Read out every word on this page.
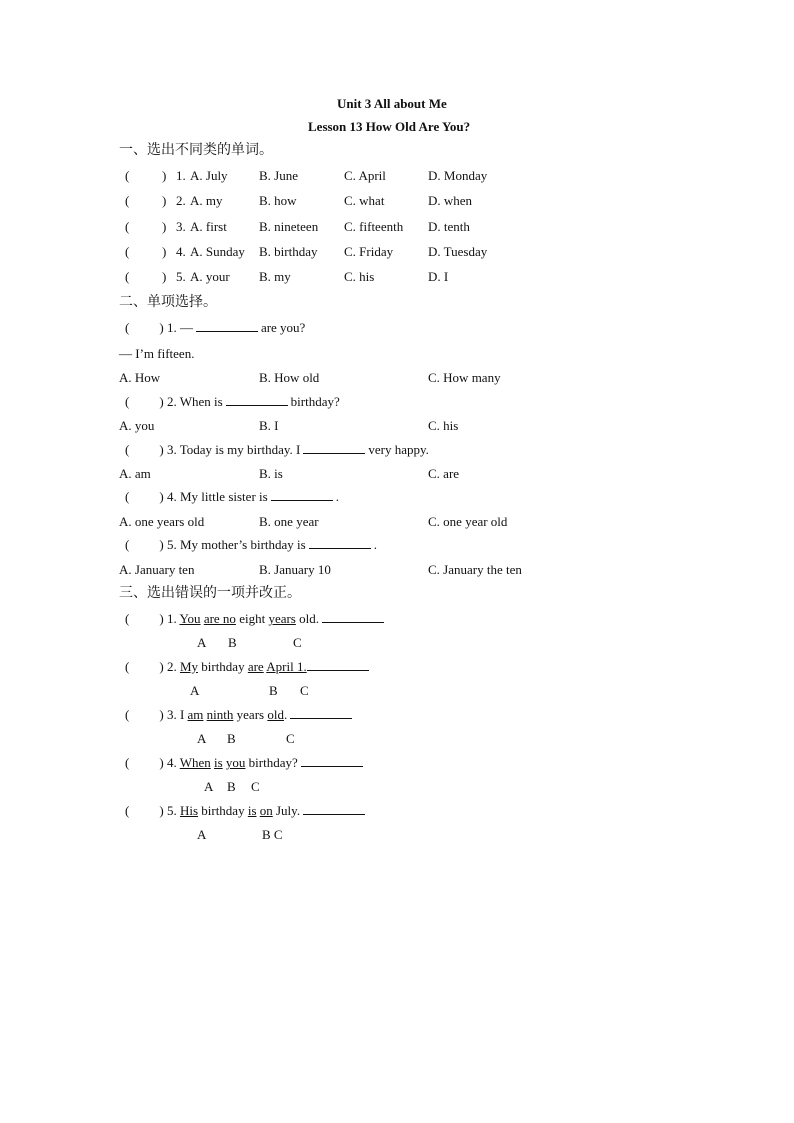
Unit 3 All about Me
Lesson 13 How Old Are You?
一、选出不同类的单词。
(	) 1. A. July B. June	C. April	D. Monday
(	) 2. A. my	B. how	C. what	D. when
(	) 3. A. first B. nineteen C. fifteenth D. tenth
(	) 4. A. Sunday B. birthday C. Friday	D. Tuesday
(	) 5. A. your B. my	C. his	D. I
二、单项选择。
( ) 1. —	are you?
— I’m fifteen.
A. How	B. How old	C. How many
( ) 2. When is	birthday?
A. you	B. I	C. his
( ) 3. Today is my birthday. I	very happy.
A. am	B. is	C. are
( ) 4. My little sister is	.
A. one years old	B. one year	C. one year old
( ) 5. My mother’s birthday is	.
A. January ten	B. January 10	C. January the ten
三、选出错误的一项并改正。
( ) 1. You are no eight years old.
A B	C
( ) 2. My birthday are April 1.
A	B C
( ) 3. I am ninth years old.
A B	C
( ) 4. When is you birthday?
A B C
( ) 5. His birthday is on July.
A	B C
